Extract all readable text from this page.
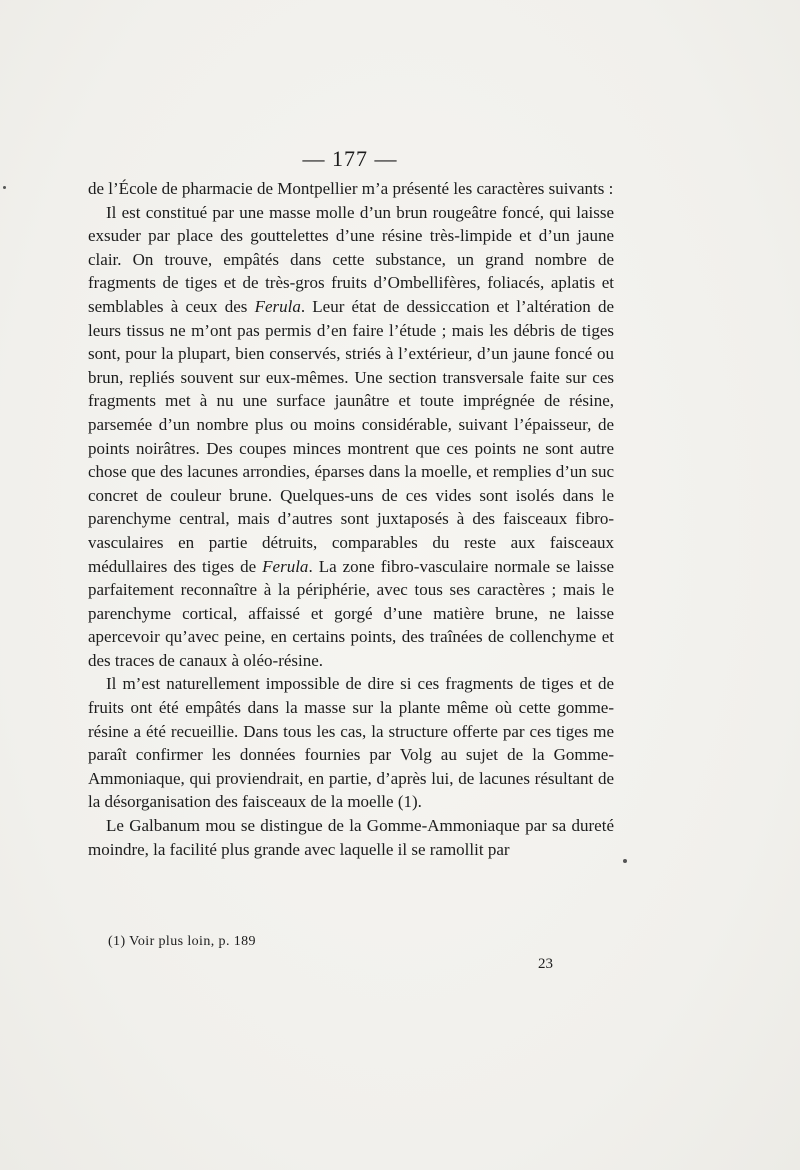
— 177 —

de l’École de pharmacie de Montpellier m’a présenté les caractères suivants :

Il est constitué par une masse molle d’un brun rougeâtre foncé, qui laisse exsuder par place des gouttelettes d’une résine très-limpide et d’un jaune clair. On trouve, empâtés dans cette substance, un grand nombre de fragments de tiges et de très-gros fruits d’Ombellifères, foliacés, aplatis et semblables à ceux des Ferula. Leur état de dessiccation et l’altération de leurs tissus ne m’ont pas permis d’en faire l’étude ; mais les débris de tiges sont, pour la plupart, bien conservés, striés à l’extérieur, d’un jaune foncé ou brun, repliés souvent sur eux-mêmes. Une section transversale faite sur ces fragments met à nu une surface jaunâtre et toute imprégnée de résine, parsemée d’un nombre plus ou moins considérable, suivant l’épaisseur, de points noirâtres. Des coupes minces montrent que ces points ne sont autre chose que des lacunes arrondies, éparses dans la moelle, et remplies d’un suc concret de couleur brune. Quelques-uns de ces vides sont isolés dans le parenchyme central, mais d’autres sont juxtaposés à des faisceaux fibro-vasculaires en partie détruits, comparables du reste aux faisceaux médullaires des tiges de Ferula. La zone fibro-vasculaire normale se laisse parfaitement reconnaître à la périphérie, avec tous ses caractères ; mais le parenchyme cortical, affaissé et gorgé d’une matière brune, ne laisse apercevoir qu’avec peine, en certains points, des traînées de collenchyme et des traces de canaux à oléo-résine.

Il m’est naturellement impossible de dire si ces fragments de tiges et de fruits ont été empâtés dans la masse sur la plante même où cette gomme-résine a été recueillie. Dans tous les cas, la structure offerte par ces tiges me paraît confirmer les données fournies par Volg au sujet de la Gomme-Ammoniaque, qui proviendrait, en partie, d’après lui, de lacunes résultant de la désorganisation des faisceaux de la moelle (1).

Le Galbanum mou se distingue de la Gomme-Ammoniaque par sa dureté moindre, la facilité plus grande avec laquelle il se ramollit par

(1) Voir plus loin, p. 189
23
